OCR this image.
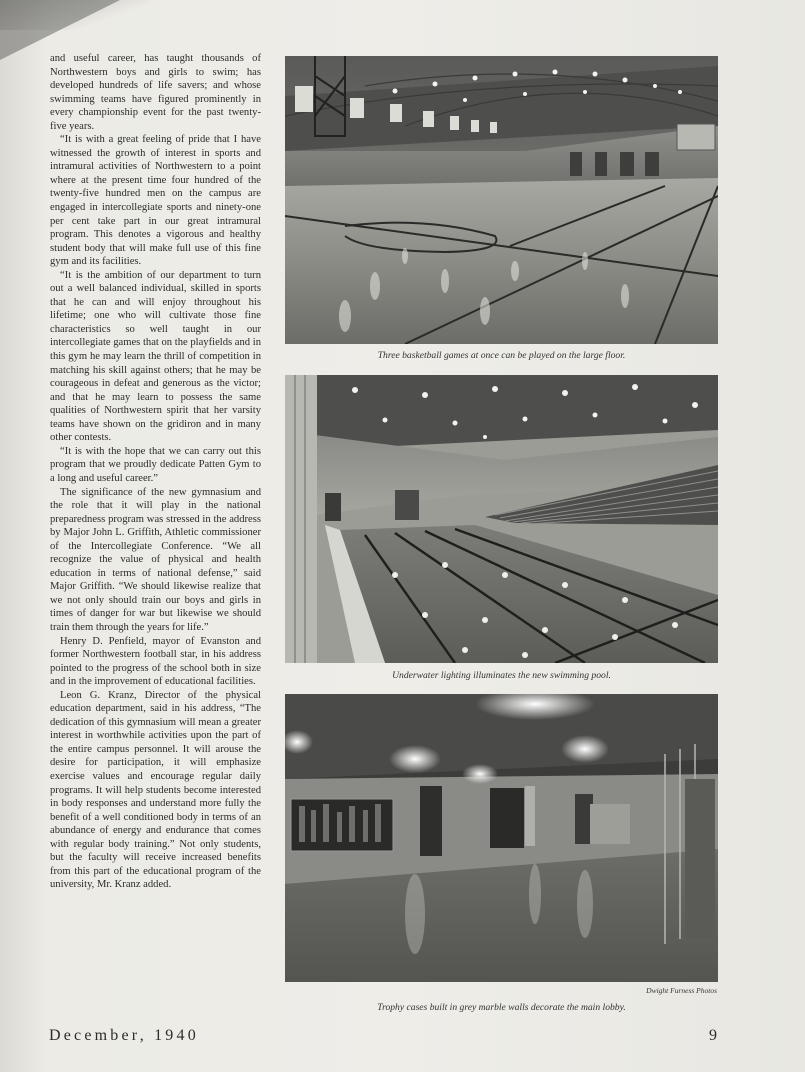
and useful career, has taught thousands of Northwestern boys and girls to swim; has developed hundreds of life savers; and whose swimming teams have figured prominently in every championship event for the past twenty-five years.

“It is with a great feeling of pride that I have witnessed the growth of interest in sports and intramural activities of Northwestern to a point where at the present time four hundred of the twenty-five hundred men on the campus are engaged in intercollegiate sports and ninety-one per cent take part in our great intramural program. This denotes a vigorous and healthy student body that will make full use of this fine gym and its facilities.

“It is the ambition of our department to turn out a well balanced individual, skilled in sports that he can and will enjoy throughout his lifetime; one who will cultivate those fine characteristics so well taught in our intercollegiate games that on the playfields and in this gym he may learn the thrill of competition in matching his skill against others; that he may be courageous in defeat and generous as the victor; and that he may learn to possess the same qualities of Northwestern spirit that her varsity teams have shown on the gridiron and in many other contests.

“It is with the hope that we can carry out this program that we proudly dedicate Patten Gym to a long and useful career.”

The significance of the new gymnasium and the role that it will play in the national preparedness program was stressed in the address by Major John L. Griffith, Athletic commissioner of the Intercollegiate Conference. “We all recognize the value of physical and health education in terms of national defense,” said Major Griffith. “We should likewise realize that we not only should train our boys and girls in times of danger for war but likewise we should train them through the years for life.”

Henry D. Penfield, mayor of Evanston and former Northwestern football star, in his address pointed to the progress of the school both in size and in the improvement of educational facilities.

Leon G. Kranz, Director of the physical education department, said in his address, “The dedication of this gymnasium will mean a greater interest in worthwhile activities upon the part of the entire campus personnel. It will arouse the desire for participation, it will emphasize exercise values and encourage regular daily programs. It will help students become interested in body responses and understand more fully the benefit of a well conditioned body in terms of an abundance of energy and endurance that comes with regular body training.” Not only students, but the faculty will receive increased benefits from this part of the educational program of the university, Mr. Kranz added.

Three basketball games at once can be played on the large floor.
Underwater lighting illuminates the new swimming pool.
Dwight Furness Photos
Trophy cases built in grey marble walls decorate the main lobby.
December, 1940	9
